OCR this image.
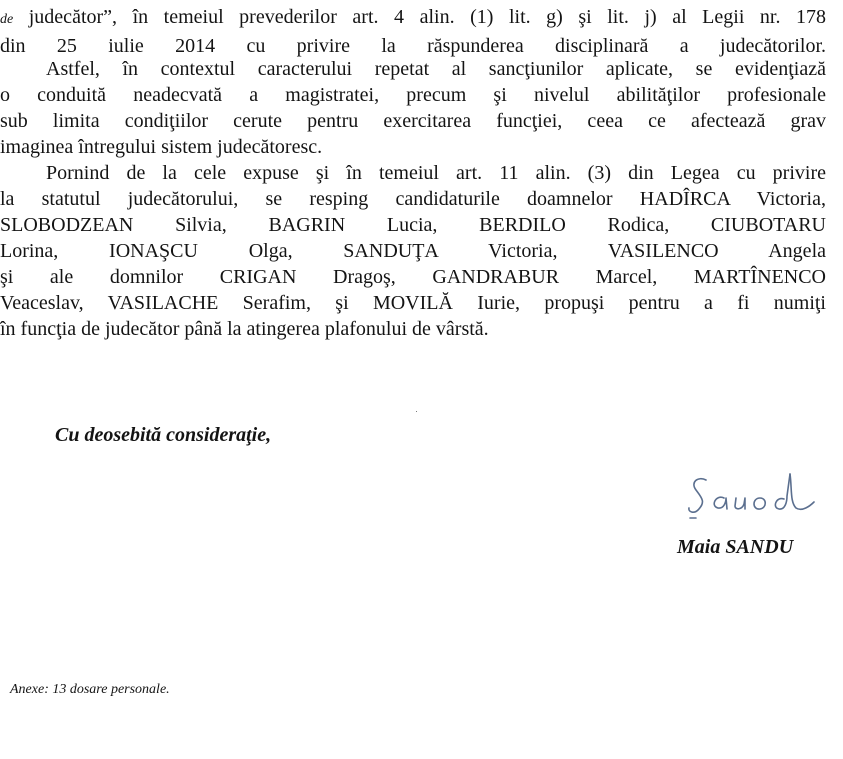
de judecător”, în temeiul prevederilor art. 4 alin. (1) lit. g) şi lit. j) al Legii nr. 178
din 25 iulie 2014 cu privire la răspunderea disciplinară a judecătorilor.

Astfel, în contextul caracterului repetat al sancţiunilor aplicate, se evidenţiază
o conduită neadecvată a magistratei, precum şi nivelul abilităţilor profesionale
sub limita condiţiilor cerute pentru exercitarea funcţiei, ceea ce afectează grav
imaginea întregului sistem judecătoresc.

Pornind de la cele expuse şi în temeiul art. 11 alin. (3) din Legea cu privire
la statutul judecătorului, se resping candidaturile doamnelor HADÎRCA Victoria,
SLOBODZEAN Silvia, BAGRIN Lucia, BERDILO Rodica, CIUBOTARU
Lorina, IONAŞCU Olga, SANDUŢA Victoria, VASILENCO Angela
şi ale domnilor CRIGAN Dragoş, GANDRABUR Marcel, MARTÎNENCO
Veaceslav, VASILACHE Serafim, şi MOVILĂ Iurie, propuşi pentru a fi numiţi
în funcţia de judecător până la atingerea plafonului de vârstă.

Cu deosebită consideraţie,

Maia SANDU

Anexe: 13 dosare personale.
